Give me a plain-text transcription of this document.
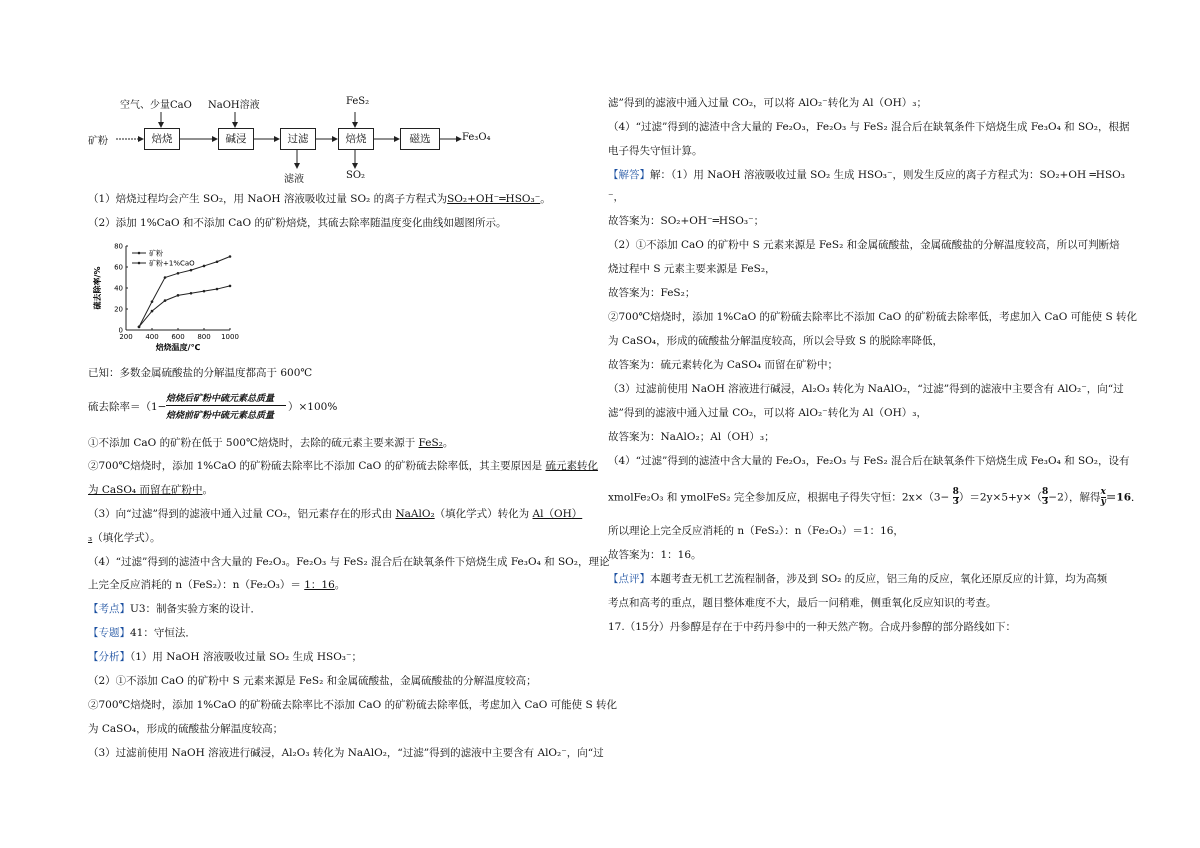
空气、少量CaO NaOH溶液	FeS₂
矿粉	焙烧	碱浸	过滤	焙烧	磁选	Fe₃O₄
滤液	SO₂
（1）焙烧过程均会产生 SO₂，用 NaOH 溶液吸收过量 SO₂ 的离子方程式为SO₂+OH⁻═HSO₃⁻。
（2）添加 1%CaO 和不添加 CaO 的矿粉焙烧，其硫去除率随温度变化曲线如题图所示。
200 400 600 800 1000
0
20
40
60
80
焙烧温度/℃
硫去除率/%
矿粉
矿粉+1%CaO
已知：多数金属硫酸盐的分解温度都高于 600℃
硫去除率＝（1−
焙烧后矿粉中硫元素总质量
焙烧前矿粉中硫元素总质量
）×100%
①不添加 CaO 的矿粉在低于 500℃焙烧时，去除的硫元素主要来源于 FeS₂。
②700℃焙烧时，添加 1%CaO 的矿粉硫去除率比不添加 CaO 的矿粉硫去除率低，其主要原因是 硫元素转化
为 CaSO₄ 而留在矿粉中。
（3）向“过滤”得到的滤液中通入过量 CO₂，铝元素存在的形式由 NaAlO₂（填化学式）转化为 Al（OH）
₃（填化学式）。
（4）“过滤”得到的滤渣中含大量的 Fe₂O₃。Fe₂O₃ 与 FeS₂ 混合后在缺氧条件下焙烧生成 Fe₃O₄ 和 SO₂，理论
上完全反应消耗的 n（FeS₂）：n（Fe₂O₃）＝ 1：16。
【考点】U3：制备实验方案的设计．
【专题】41：守恒法．
【分析】（1）用 NaOH 溶液吸收过量 SO₂ 生成 HSO₃⁻；
（2）①不添加 CaO 的矿粉中 S 元素来源是 FeS₂ 和金属硫酸盐，金属硫酸盐的分解温度较高；
②700℃焙烧时，添加 1%CaO 的矿粉硫去除率比不添加 CaO 的矿粉硫去除率低，考虑加入 CaO 可能使 S 转化
为 CaSO₄，形成的硫酸盐分解温度较高；
（3）过滤前使用 NaOH 溶液进行碱浸，Al₂O₃ 转化为 NaAlO₂，“过滤”得到的滤液中主要含有 AlO₂⁻，向“过
滤”得到的滤液中通入过量 CO₂，可以将 AlO₂⁻转化为 Al（OH）₃；
（4）“过滤”得到的滤渣中含大量的 Fe₂O₃，Fe₂O₃ 与 FeS₂ 混合后在缺氧条件下焙烧生成 Fe₃O₄ 和 SO₂，根据
电子得失守恒计算。
【解答】解：（1）用 NaOH 溶液吸收过量 SO₂ 生成 HSO₃⁻，则发生反应的离子方程式为：SO₂+OH ═HSO₃
⁻，
故答案为：SO₂+OH⁻═HSO₃⁻；
（2）①不添加 CaO 的矿粉中 S 元素来源是 FeS₂ 和金属硫酸盐，金属硫酸盐的分解温度较高，所以可判断焙
烧过程中 S 元素主要来源是 FeS₂，
故答案为：FeS₂；
②700℃焙烧时，添加 1%CaO 的矿粉硫去除率比不添加 CaO 的矿粉硫去除率低，考虑加入 CaO 可能使 S 转化
为 CaSO₄，形成的硫酸盐分解温度较高，所以会导致 S 的脱除率降低，
故答案为：硫元素转化为 CaSO₄ 而留在矿粉中；
（3）过滤前使用 NaOH 溶液进行碱浸，Al₂O₃ 转化为 NaAlO₂，“过滤”得到的滤液中主要含有 AlO₂⁻，向“过
滤”得到的滤液中通入过量 CO₂，可以将 AlO₂⁻转化为 Al（OH）₃，
故答案为：NaAlO₂；Al（OH）₃；
（4）“过滤”得到的滤渣中含大量的 Fe₂O₃，Fe₂O₃ 与 FeS₂ 混合后在缺氧条件下焙烧生成 Fe₃O₄ 和 SO₂，设有
xmolFe₂O₃ 和 ymolFeS₂ 完全参加反应，根据电子得失守恒：$2x\times(3- \frac{8}{3})=2y\times 5+y\times(\frac{8}{3}-2)$，解得$\frac{x}{y}=16$．
所以理论上完全反应消耗的 n（FeS₂）：n（Fe₂O₃）＝1：16，
故答案为：1：16。
【点评】本题考查无机工艺流程制备，涉及到 SO₂ 的反应，铝三角的反应，氧化还原反应的计算，均为高频
考点和高考的重点，题目整体难度不大，最后一问稍难，侧重氧化反应知识的考查。
17.（15分）丹参醇是存在于中药丹参中的一种天然产物。合成丹参醇的部分路线如下：
